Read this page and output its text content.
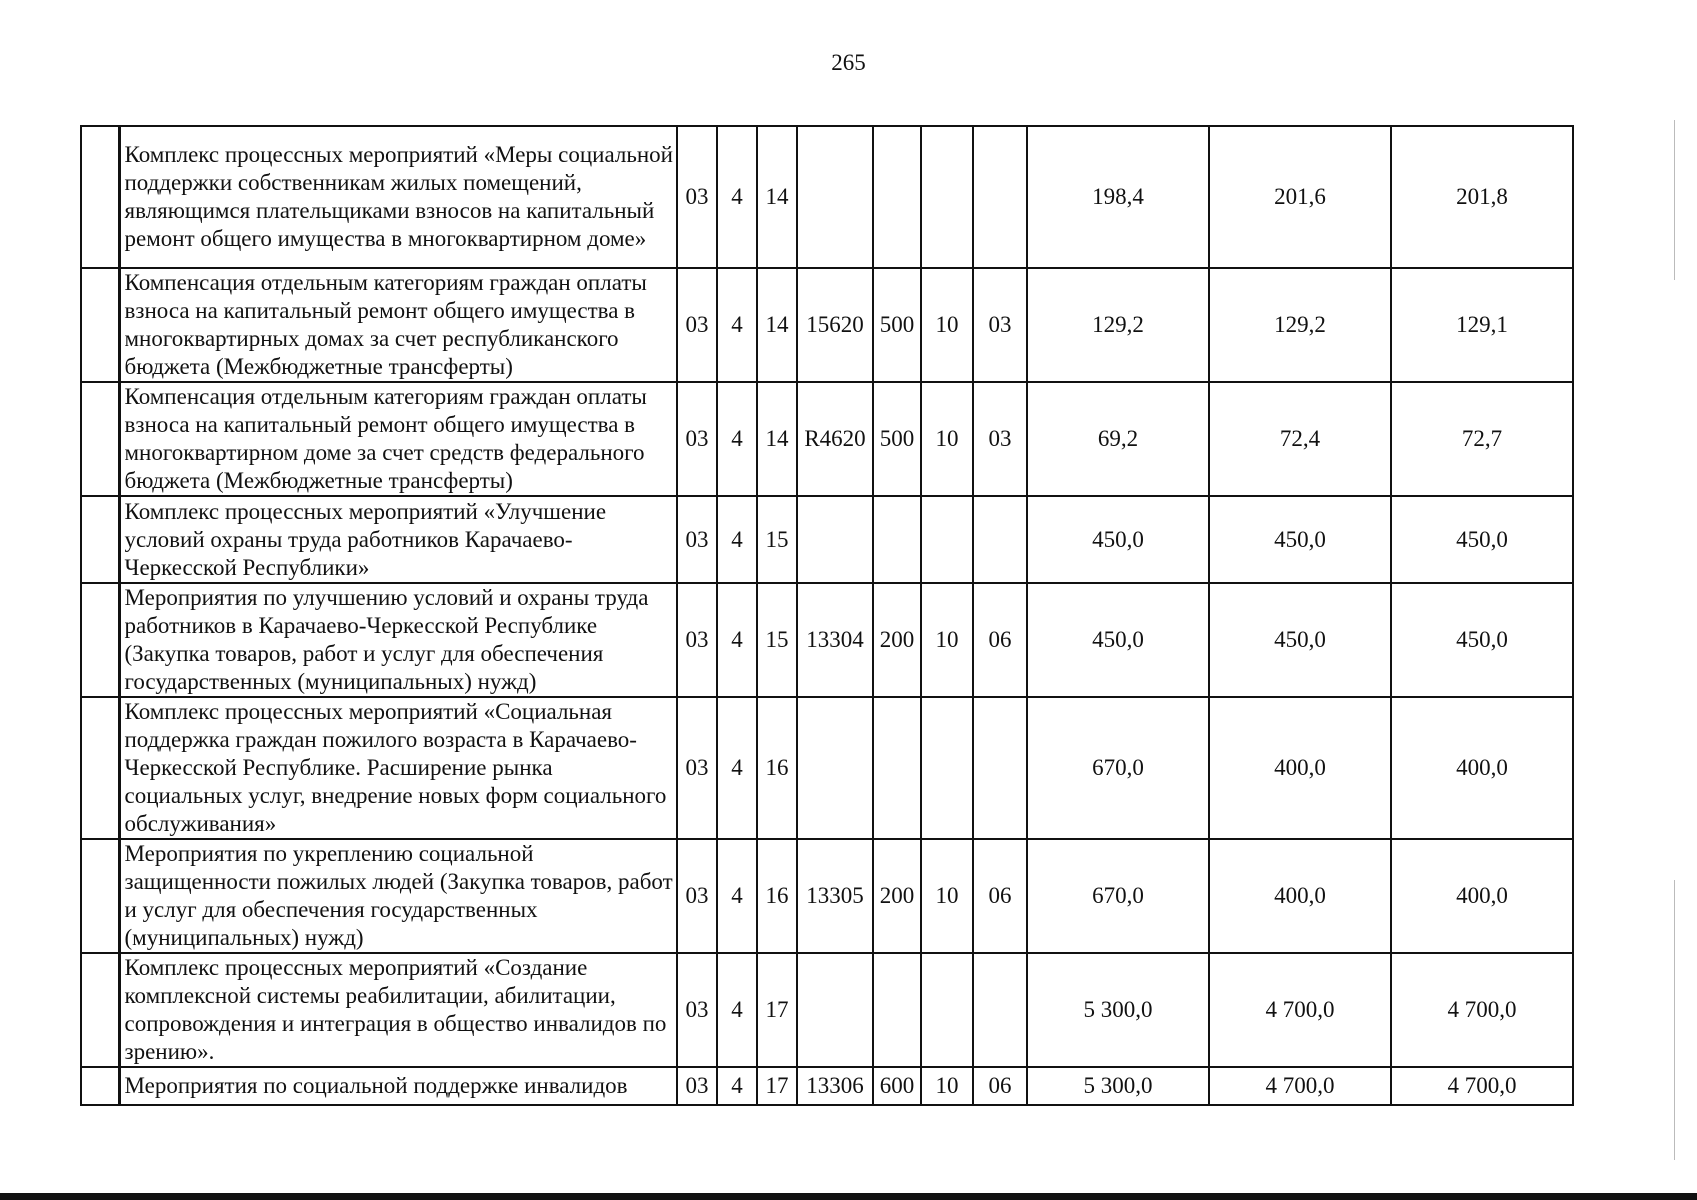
265
	Комплекс процессных мероприятий «Меры социальной поддержки собственникам жилых помещений, являющимся плательщиками взносов на капитальный ремонт общего имущества в многоквартирном доме»	03	4	14					198,4	201,6	201,8
	Компенсация отдельным категориям граждан оплаты взноса на капитальный ремонт общего имущества в многоквартирных домах за счет республиканского бюджета (Межбюджетные трансферты)	03	4	14	15620	500	10	03	129,2	129,2	129,1
	Компенсация отдельным категориям граждан оплаты взноса на капитальный ремонт общего имущества в многоквартирном доме за счет средств федерального бюджета (Межбюджетные трансферты)	03	4	14	R4620	500	10	03	69,2	72,4	72,7
	Комплекс процессных мероприятий «Улучшение условий охраны труда работников Карачаево-Черкесской Республики»	03	4	15					450,0	450,0	450,0
	Мероприятия по улучшению условий и охраны труда работников в Карачаево-Черкесской Республике (Закупка товаров, работ и услуг для обеспечения государственных (муниципальных) нужд)	03	4	15	13304	200	10	06	450,0	450,0	450,0
	Комплекс процессных мероприятий «Социальная поддержка граждан пожилого возраста в Карачаево-Черкесской Республике. Расширение рынка социальных услуг, внедрение новых форм социального обслуживания»	03	4	16					670,0	400,0	400,0
	Мероприятия по укреплению социальной защищенности пожилых людей (Закупка товаров, работ и услуг для обеспечения государственных (муниципальных) нужд)	03	4	16	13305	200	10	06	670,0	400,0	400,0
	Комплекс процессных мероприятий «Создание комплексной системы реабилитации, абилитации, сопровождения и интеграция в общество инвалидов по зрению».	03	4	17					5 300,0	4 700,0	4 700,0
	Мероприятия по социальной поддержке инвалидов	03	4	17	13306	600	10	06	5 300,0	4 700,0	4 700,0
